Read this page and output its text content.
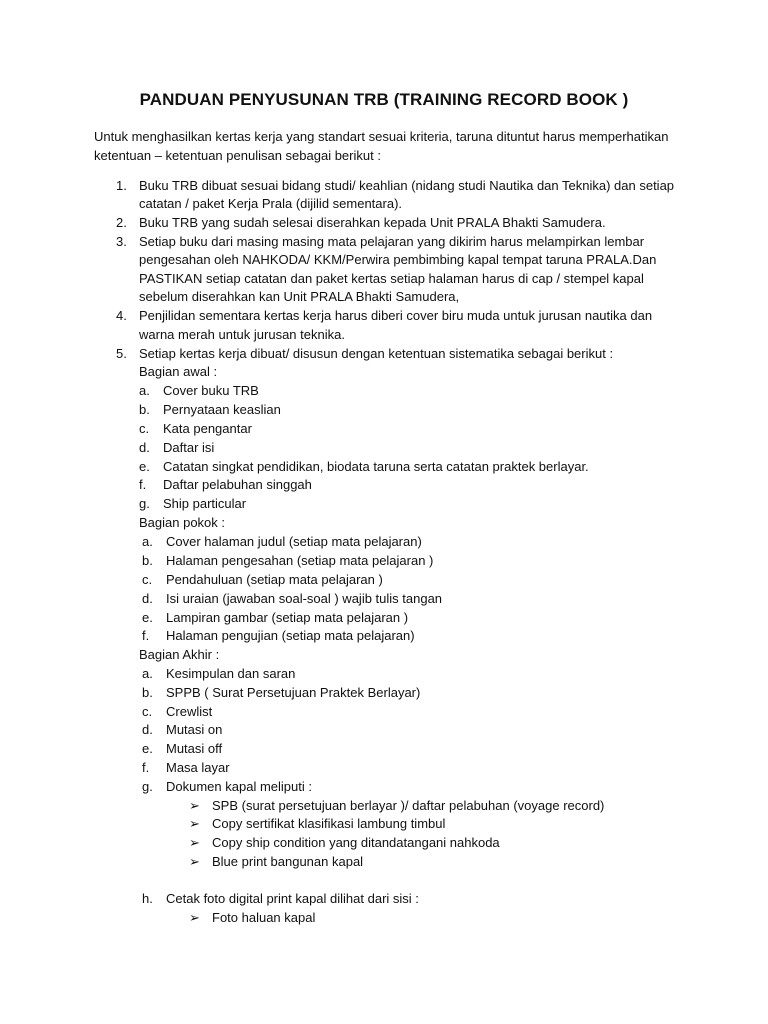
PANDUAN PENYUSUNAN TRB (TRAINING RECORD BOOK )
Untuk menghasilkan kertas kerja yang standart sesuai kriteria, taruna dituntut harus memperhatikan
ketentuan – ketentuan penulisan sebagai berikut :
1. Buku TRB dibuat sesuai bidang studi/ keahlian (nidang studi Nautika dan Teknika) dan setiap
catatan / paket Kerja Prala (dijilid sementara).
2. Buku TRB yang sudah selesai diserahkan kepada Unit PRALA Bhakti Samudera.
3. Setiap buku dari masing masing mata pelajaran yang dikirim harus melampirkan lembar
pengesahan oleh NAHKODA/ KKM/Perwira pembimbing kapal tempat taruna PRALA.Dan
PASTIKAN setiap catatan dan paket kertas setiap halaman harus di cap / stempel kapal
sebelum diserahkan kan Unit PRALA Bhakti Samudera,
4. Penjilidan sementara kertas kerja harus diberi cover biru muda untuk jurusan nautika dan
warna merah untuk jurusan teknika.
5. Setiap kertas kerja dibuat/ disusun dengan ketentuan sistematika sebagai berikut :
Bagian awal :
a. Cover buku TRB
b. Pernyataan keaslian
c. Kata pengantar
d. Daftar isi
e. Catatan singkat pendidikan, biodata taruna serta catatan praktek berlayar.
f. Daftar pelabuhan singgah
g. Ship particular
Bagian pokok :
a. Cover halaman judul (setiap mata pelajaran)
b. Halaman pengesahan (setiap mata pelajaran )
c. Pendahuluan (setiap mata pelajaran )
d. Isi uraian (jawaban soal-soal ) wajib tulis tangan
e. Lampiran gambar (setiap mata pelajaran )
f. Halaman pengujian (setiap mata pelajaran)
Bagian Akhir :
a. Kesimpulan dan saran
b. SPPB ( Surat Persetujuan Praktek Berlayar)
c. Crewlist
d. Mutasi on
e. Mutasi off
f. Masa layar
g. Dokumen kapal meliputi :
➢ SPB (surat persetujuan berlayar )/ daftar pelabuhan (voyage record)
➢ Copy sertifikat klasifikasi lambung timbul
➢ Copy ship condition yang ditandatangani nahkoda
➢ Blue print bangunan kapal
h. Cetak foto digital print kapal dilihat dari sisi :
➢ Foto haluan kapal
